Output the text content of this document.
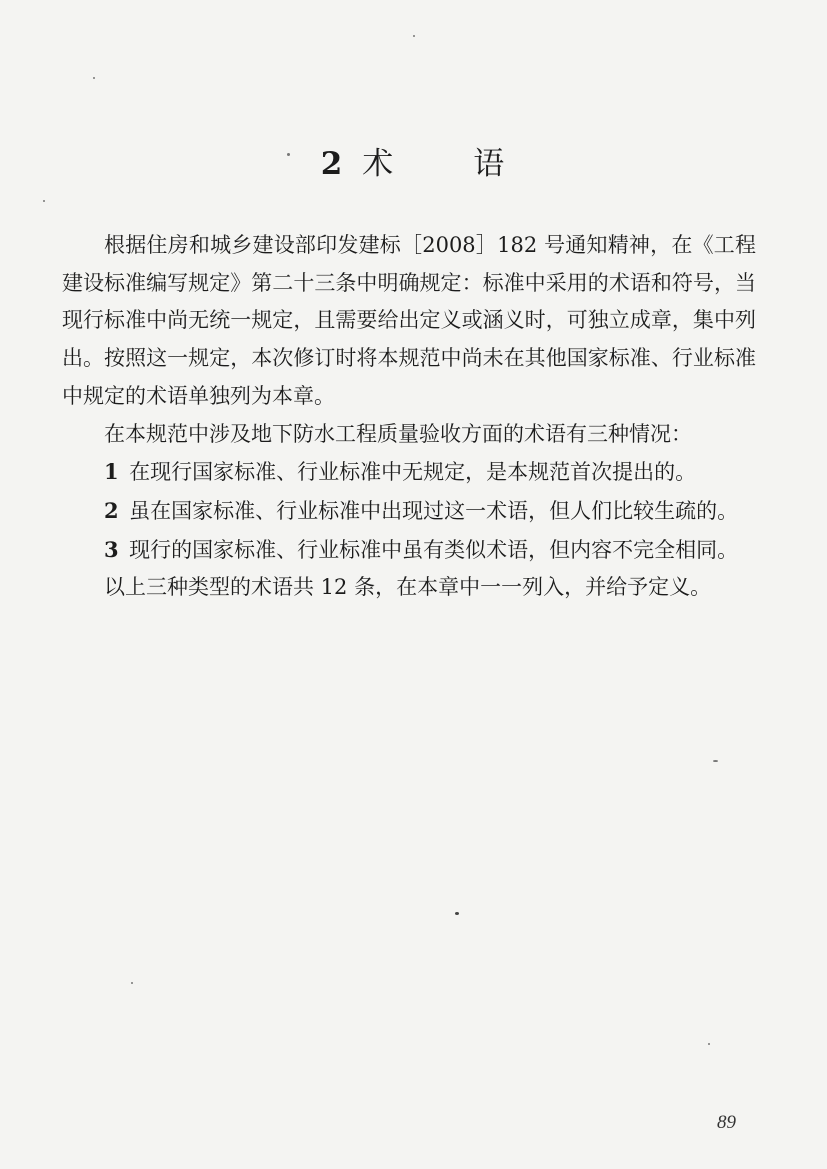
2 术	语

根据住房和城乡建设部印发建标［2008］182 号通知精神，在《工程建设标准编写规定》第二十三条中明确规定：标准中采用的术语和符号，当现行标准中尚无统一规定，且需要给出定义或涵义时，可独立成章，集中列出。按照这一规定，本次修订时将本规范中尚未在其他国家标准、行业标准中规定的术语单独列为本章。

在本规范中涉及地下防水工程质量验收方面的术语有三种情况：

1  在现行国家标准、行业标准中无规定，是本规范首次提出的。

2  虽在国家标准、行业标准中出现过这一术语，但人们比较生疏的。

3  现行的国家标准、行业标准中虽有类似术语，但内容不完全相同。

以上三种类型的术语共 12 条，在本章中一一列入，并给予定义。

89
